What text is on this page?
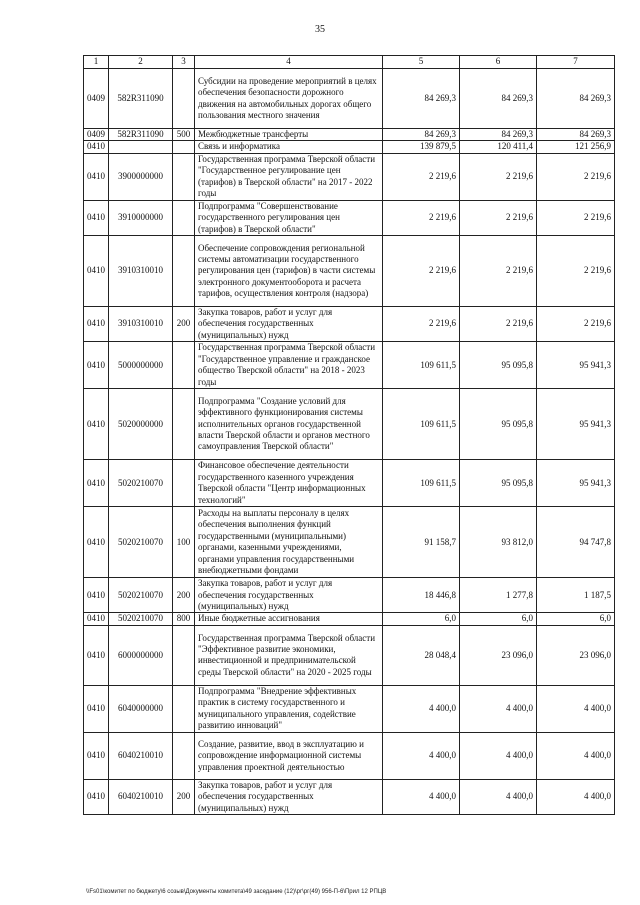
35
1	2	3	4	5	6	7
0409	582R311090		Субсидии на проведение мероприятий в целях обеспечения безопасности дорожного движения на автомобильных дорогах общего пользования местного значения	84 269,3	84 269,3	84 269,3
0409	582R311090	500	Межбюджетные трансферты	84 269,3	84 269,3	84 269,3
0410			Связь и информатика	139 879,5	120 411,4	121 256,9
0410	3900000000		Государственная программа Тверской области "Государственное регулирование цен (тарифов) в Тверской области" на 2017 - 2022 годы	2 219,6	2 219,6	2 219,6
0410	3910000000		Подпрограмма "Совершенствование государственного регулирования цен (тарифов) в Тверской области"	2 219,6	2 219,6	2 219,6
0410	3910310010		Обеспечение сопровождения региональной системы автоматизации государственного регулирования цен (тарифов) в части системы электронного документооборота и расчета тарифов, осуществления контроля (надзора)	2 219,6	2 219,6	2 219,6
0410	3910310010	200	Закупка товаров, работ и услуг для обеспечения государственных (муниципальных) нужд	2 219,6	2 219,6	2 219,6
0410	5000000000		Государственная программа Тверской области "Государственное управление и гражданское общество Тверской области" на 2018 - 2023 годы	109 611,5	95 095,8	95 941,3
0410	5020000000		Подпрограмма "Создание условий для эффективного функционирования системы исполнительных органов государственной власти Тверской области и органов местного самоуправления Тверской области"	109 611,5	95 095,8	95 941,3
0410	5020210070		Финансовое обеспечение деятельности государственного казенного учреждения Тверской области "Центр информационных технологий"	109 611,5	95 095,8	95 941,3
0410	5020210070	100	Расходы на выплаты персоналу в целях обеспечения выполнения функций государственными (муниципальными) органами, казенными учреждениями, органами управления государственными внебюджетными фондами	91 158,7	93 812,0	94 747,8
0410	5020210070	200	Закупка товаров, работ и услуг для обеспечения государственных (муниципальных) нужд	18 446,8	1 277,8	1 187,5
0410	5020210070	800	Иные бюджетные ассигнования	6,0	6,0	6,0
0410	6000000000		Государственная программа Тверской области "Эффективное развитие экономики, инвестиционной и предпринимательской среды Тверской области" на 2020 - 2025 годы	28 048,4	23 096,0	23 096,0
0410	6040000000		Подпрограмма "Внедрение эффективных практик в систему государственного и муниципального управления, содействие развитию инноваций"	4 400,0	4 400,0	4 400,0
0410	6040210010		Создание, развитие, ввод в эксплуатацию и сопровождение информационной системы управления проектной деятельностью	4 400,0	4 400,0	4 400,0
0410	6040210010	200	Закупка товаров, работ и услуг для обеспечения государственных (муниципальных) нужд	4 400,0	4 400,0	4 400,0
\\Fs01\комитет по бюджету\6 созыв\Документы комитета\49 заседание (12)\рг\рг(49) 956-П-6\Прил 12 РПЦВ
